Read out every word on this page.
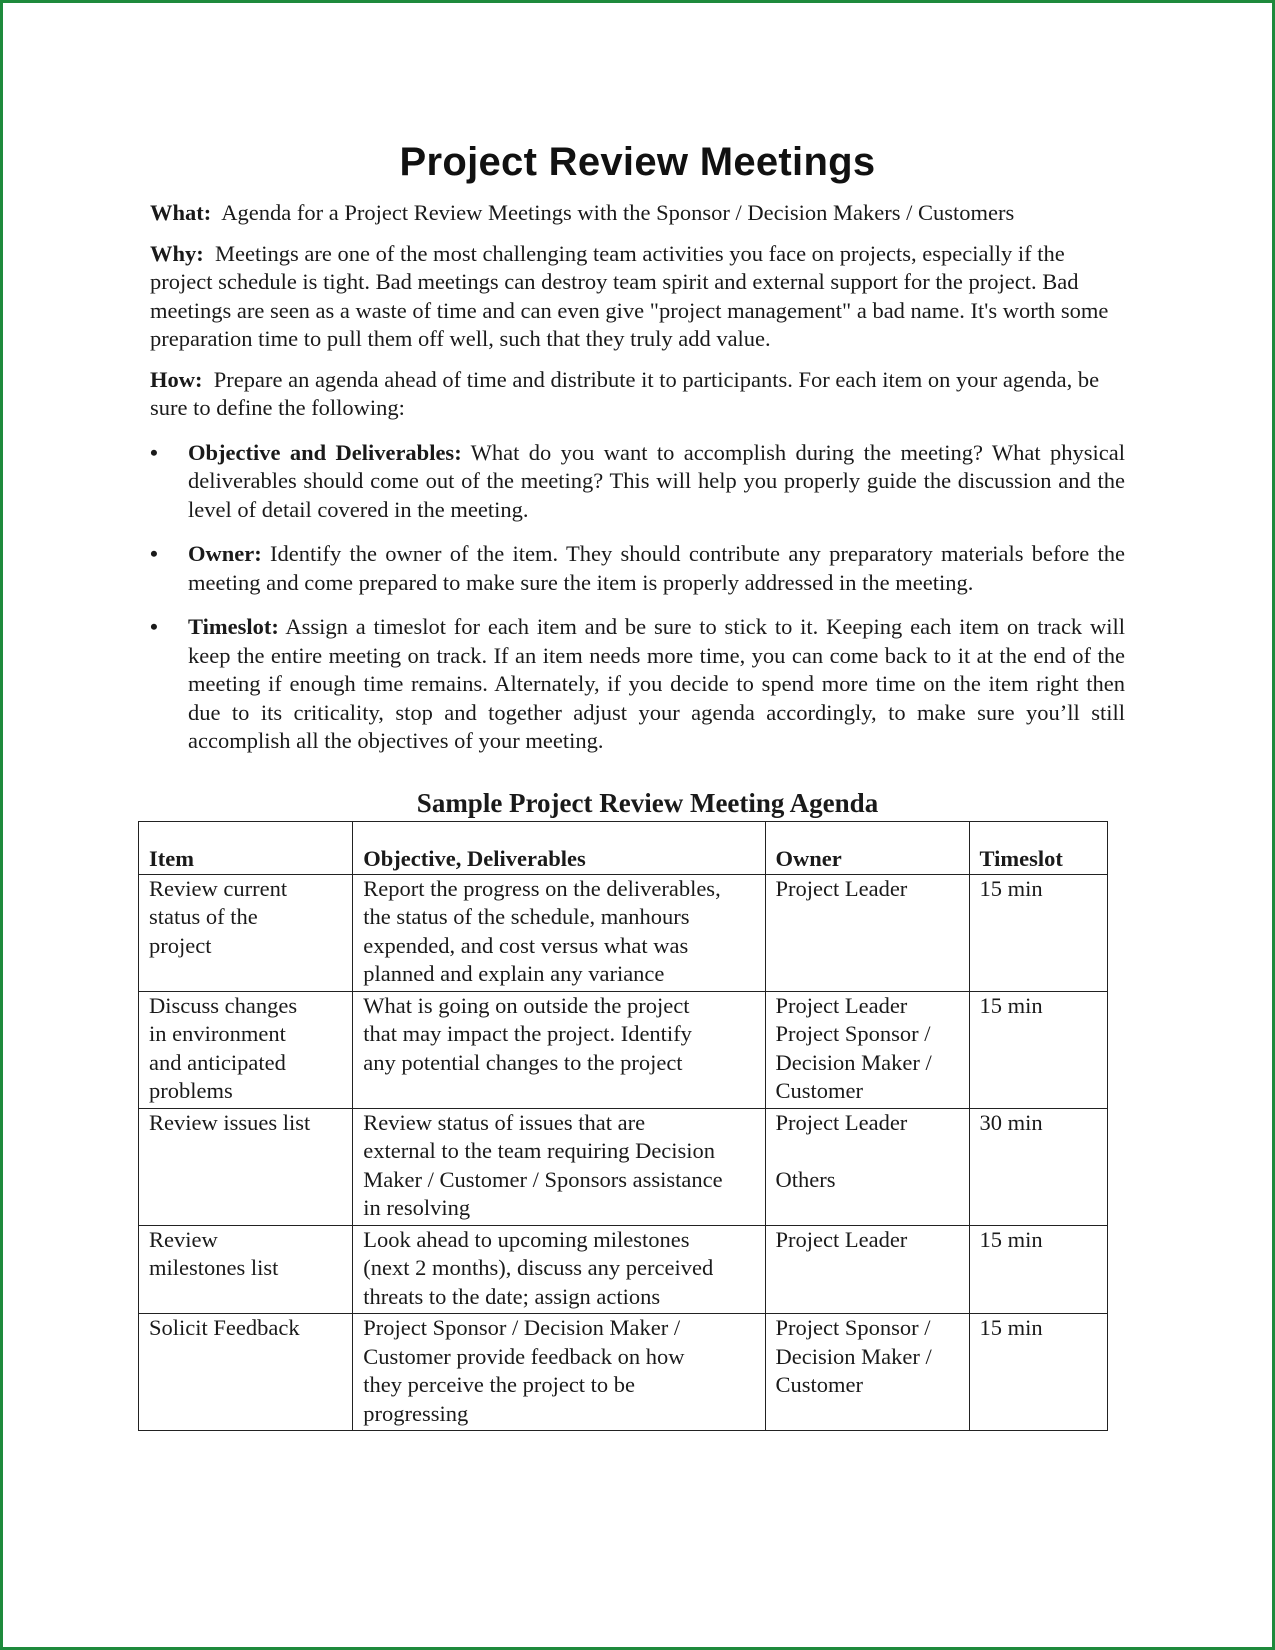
Project Review Meetings

What: Agenda for a Project Review Meetings with the Sponsor / Decision Makers / Customers

Why: Meetings are one of the most challenging team activities you face on projects, especially if the project schedule is tight. Bad meetings can destroy team spirit and external support for the project. Bad meetings are seen as a waste of time and can even give "project management" a bad name. It's worth some preparation time to pull them off well, such that they truly add value.

How: Prepare an agenda ahead of time and distribute it to participants. For each item on your agenda, be sure to define the following:

• Objective and Deliverables: What do you want to accomplish during the meeting? What physical deliverables should come out of the meeting? This will help you properly guide the discussion and the level of detail covered in the meeting.
• Owner: Identify the owner of the item. They should contribute any preparatory materials before the meeting and come prepared to make sure the item is properly addressed in the meeting.
• Timeslot: Assign a timeslot for each item and be sure to stick to it. Keeping each item on track will keep the entire meeting on track. If an item needs more time, you can come back to it at the end of the meeting if enough time remains. Alternately, if you decide to spend more time on the item right then due to its criticality, stop and together adjust your agenda accordingly, to make sure you’ll still accomplish all the objectives of your meeting.
Sample Project Review Meeting Agenda
Item	Objective, Deliverables	Owner	Timeslot

Review current
status of the
project	Report the progress on the deliverables,
the status of the schedule, manhours
expended, and cost versus what was
planned and explain any variance	Project Leader	15 min

Discuss changes
in environment
and anticipated
problems	What is going on outside the project
that may impact the project. Identify
any potential changes to the project	Project Leader
Project Sponsor /
Decision Maker /
Customer	15 min

Review issues list	Review status of issues that are
external to the team requiring Decision
Maker / Customer / Sponsors assistance
in resolving	Project Leader
Others	30 min

Review
milestones list	Look ahead to upcoming milestones
(next 2 months), discuss any perceived
threats to the date; assign actions	Project Leader	15 min

Solicit Feedback	Project Sponsor / Decision Maker /
Customer provide feedback on how
they perceive the project to be
progressing	Project Sponsor /
Decision Maker /
Customer	15 min
